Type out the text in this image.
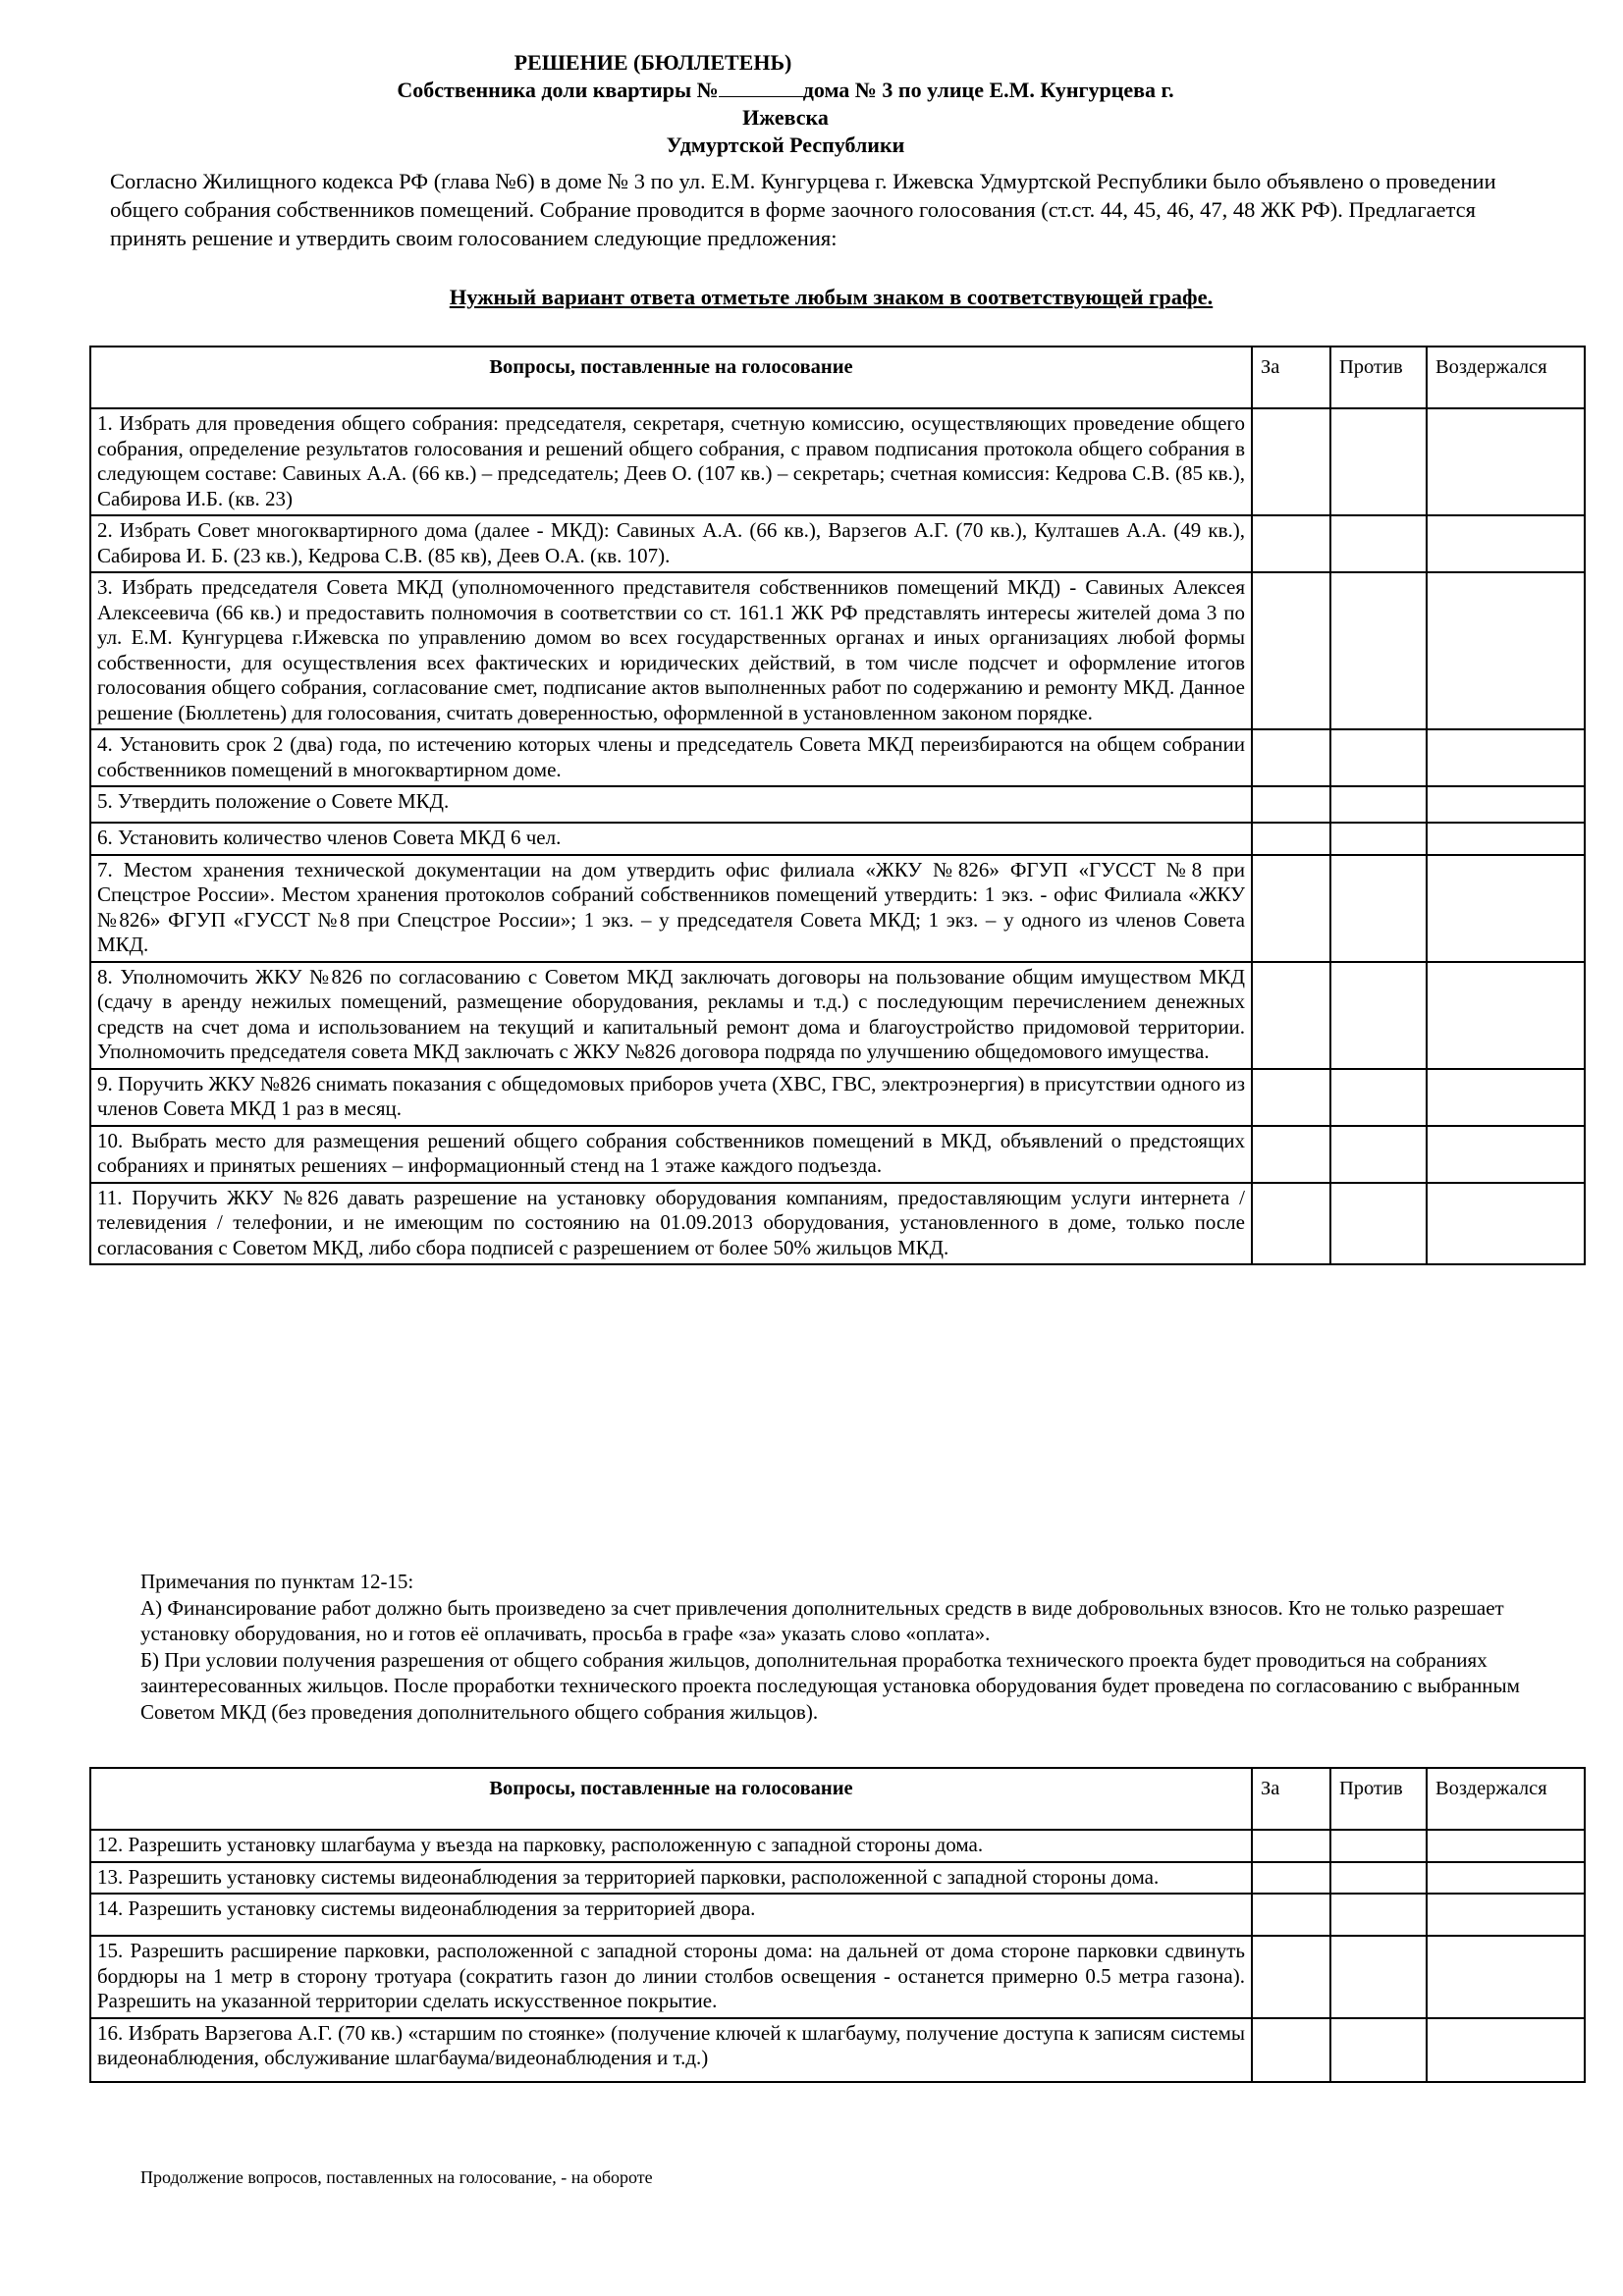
РЕШЕНИЕ (БЮЛЛЕТЕНЬ)
Собственника доли квартиры №	дома № 3 по улице Е.М. Кунгурцева г. Ижевска
Удмуртской Республики
Согласно Жилищного кодекса РФ (глава №6) в доме № 3 по ул. Е.М. Кунгурцева г. Ижевска Удмуртской Республики было объявлено о проведении общего собрания собственников помещений. Собрание проводится в форме заочного голосования (ст.ст. 44, 45, 46, 47, 48 ЖК РФ). Предлагается принять решение и утвердить своим голосованием следующие предложения:
Нужный вариант ответа отметьте любым знаком в соответствующей графе.
Вопросы, поставленные на голосование	За	Против	Воздержался
1. Избрать для проведения общего собрания: председателя, секретаря, счетную комиссию, осуществляющих проведение общего собрания, определение результатов голосования и решений общего собрания, с правом подписания протокола общего собрания в следующем составе: Савиных А.А. (66 кв.) – председатель; Деев О. (107 кв.) – секретарь; счетная комиссия: Кедрова С.В. (85 кв.), Сабирова И.Б. (кв. 23)			
2. Избрать Совет многоквартирного дома (далее - МКД): Савиных А.А. (66 кв.), Варзегов А.Г. (70 кв.), Култашев А.А. (49 кв.), Сабирова И. Б. (23 кв.), Кедрова С.В. (85 кв), Деев О.А. (кв. 107).			
3. Избрать председателя Совета МКД (уполномоченного представителя собственников помещений МКД) - Савиных Алексея Алексеевича (66 кв.) и предоставить полномочия в соответствии со ст. 161.1 ЖК РФ представлять интересы жителей дома 3 по ул. Е.М. Кунгурцева г.Ижевска по управлению домом во всех государственных органах и иных организациях любой формы собственности, для осуществления всех фактических и юридических действий, в том числе подсчет и оформление итогов голосования общего собрания, согласование смет, подписание актов выполненных работ по содержанию и ремонту МКД. Данное решение (Бюллетень) для голосования, считать доверенностью, оформленной в установленном законом порядке.			
4. Установить срок 2 (два) года, по истечению которых члены и председатель Совета МКД переизбираются на общем собрании собственников помещений в многоквартирном доме.			
5. Утвердить положение о Совете МКД.			
6. Установить количество членов Совета МКД 6 чел.			
7. Местом хранения технической документации на дом утвердить офис филиала «ЖКУ №826» ФГУП «ГУССТ №8 при Спецстрое России». Местом хранения протоколов собраний собственников помещений утвердить: 1 экз. - офис Филиала «ЖКУ №826» ФГУП «ГУССТ №8 при Спецстрое России»; 1 экз. – у председателя Совета МКД; 1 экз. – у одного из членов Совета МКД.			
8. Уполномочить ЖКУ №826 по согласованию с Советом МКД заключать договоры на пользование общим имуществом МКД (сдачу в аренду нежилых помещений, размещение оборудования, рекламы и т.д.) с последующим перечислением денежных средств на счет дома и использованием на текущий и капитальный ремонт дома и благоустройство придомовой территории. Уполномочить председателя совета МКД заключать с ЖКУ №826 договора подряда по улучшению общедомового имущества.			
9. Поручить ЖКУ №826 снимать показания с общедомовых приборов учета (ХВС, ГВС, электроэнергия) в присутствии одного из членов Совета МКД 1 раз в месяц.			
10. Выбрать место для размещения решений общего собрания собственников помещений в МКД, объявлений о предстоящих собраниях и принятых решениях – информационный стенд на 1 этаже каждого подъезда.			
11. Поручить ЖКУ №826 давать разрешение на установку оборудования компаниям, предоставляющим услуги интернета / телевидения / телефонии, и не имеющим по состоянию на 01.09.2013 оборудования, установленного в доме, только после согласования с Советом МКД, либо сбора подписей с разрешением от более 50% жильцов МКД.			
Примечания по пунктам 12-15:
А) Финансирование работ должно быть произведено за счет привлечения дополнительных средств в виде добровольных взносов. Кто не только разрешает установку оборудования, но и готов её оплачивать, просьба в графе «за» указать слово «оплата».
Б) При условии получения разрешения от общего собрания жильцов, дополнительная проработка технического проекта будет проводиться на собраниях заинтересованных жильцов. После проработки технического проекта последующая установка оборудования будет проведена по согласованию с выбранным Советом МКД (без проведения дополнительного общего собрания жильцов).
Вопросы, поставленные на голосование	За	Против	Воздержался
12. Разрешить установку шлагбаума у въезда на парковку, расположенную с западной стороны дома.			
13. Разрешить установку системы видеонаблюдения за территорией парковки, расположенной с западной стороны дома.			
14. Разрешить установку системы видеонаблюдения за территорией двора.			
15. Разрешить расширение парковки, расположенной с западной стороны дома: на дальней от дома стороне парковки сдвинуть бордюры на 1 метр в сторону тротуара (сократить газон до линии столбов освещения - останется примерно 0.5 метра газона). Разрешить на указанной территории сделать искусственное покрытие.			
16. Избрать Варзегова А.Г. (70 кв.) «старшим по стоянке» (получение ключей к шлагбауму, получение доступа к записям системы видеонаблюдения, обслуживание шлагбаума/видеонаблюдения и т.д.)			
Продолжение вопросов, поставленных на голосование, - на обороте
